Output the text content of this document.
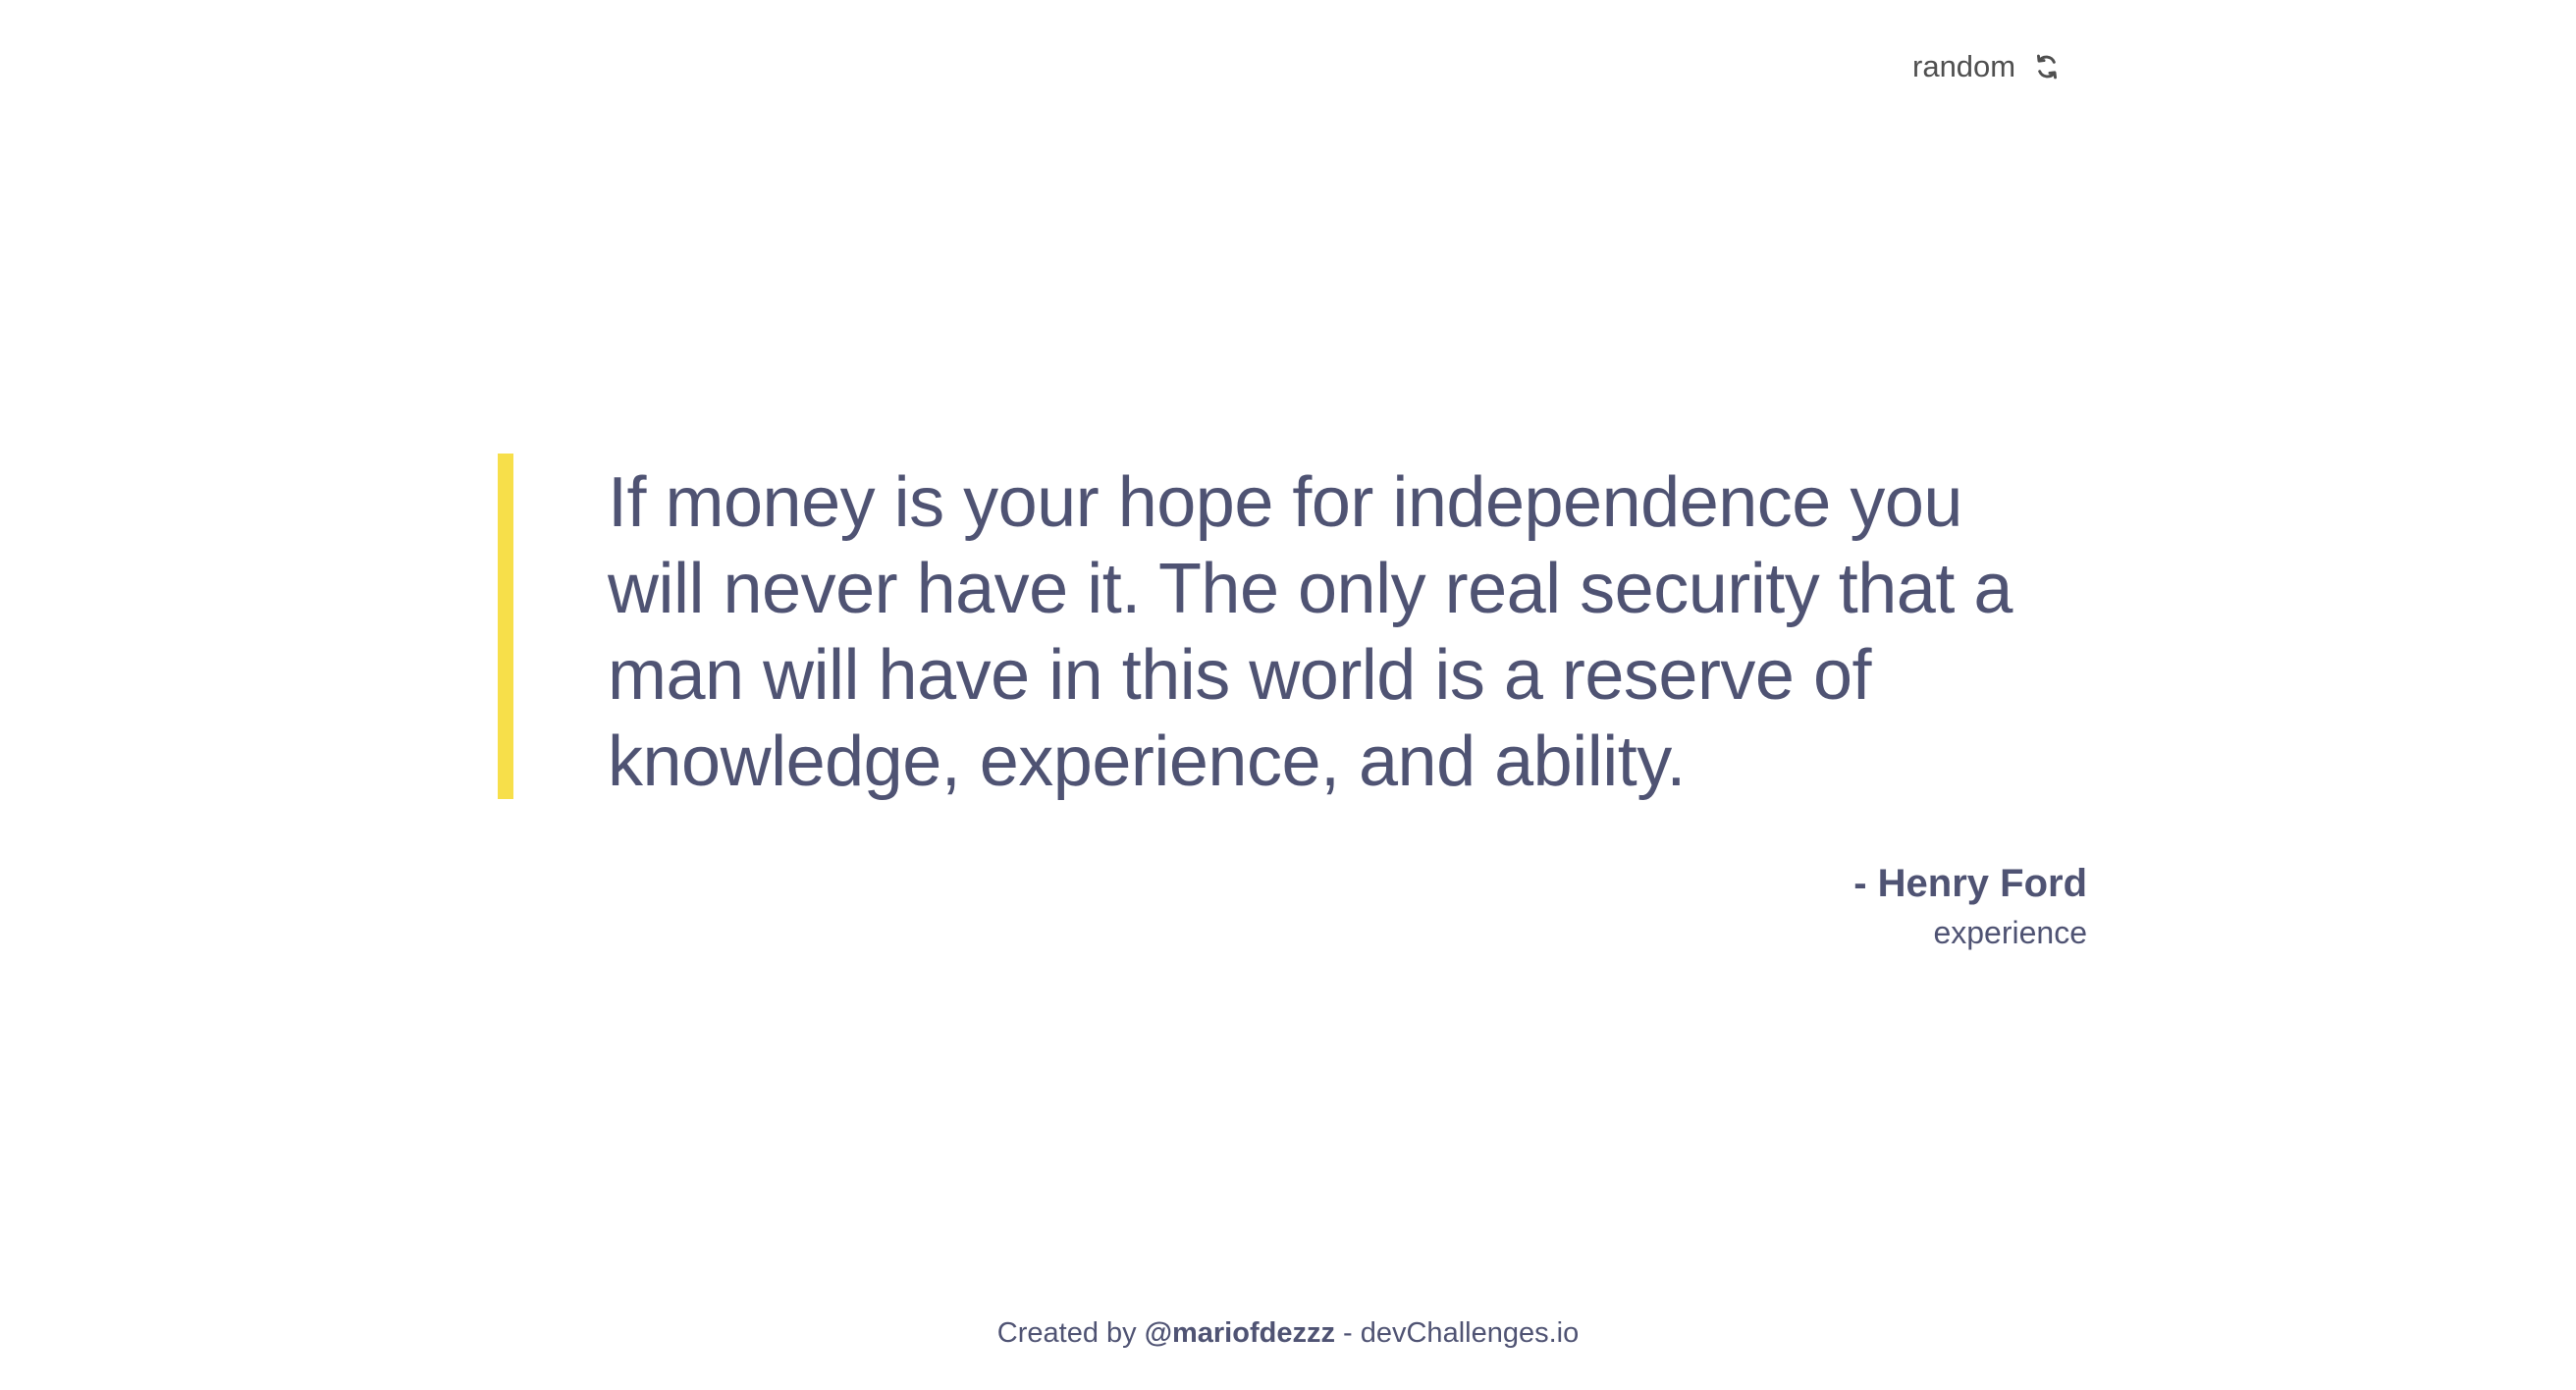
random

If money is your hope for independence you will never have it. The only real security that a man will have in this world is a reserve of knowledge, experience, and ability.

- Henry Ford
experience
Created by @mariofdezzz - devChallenges.io
